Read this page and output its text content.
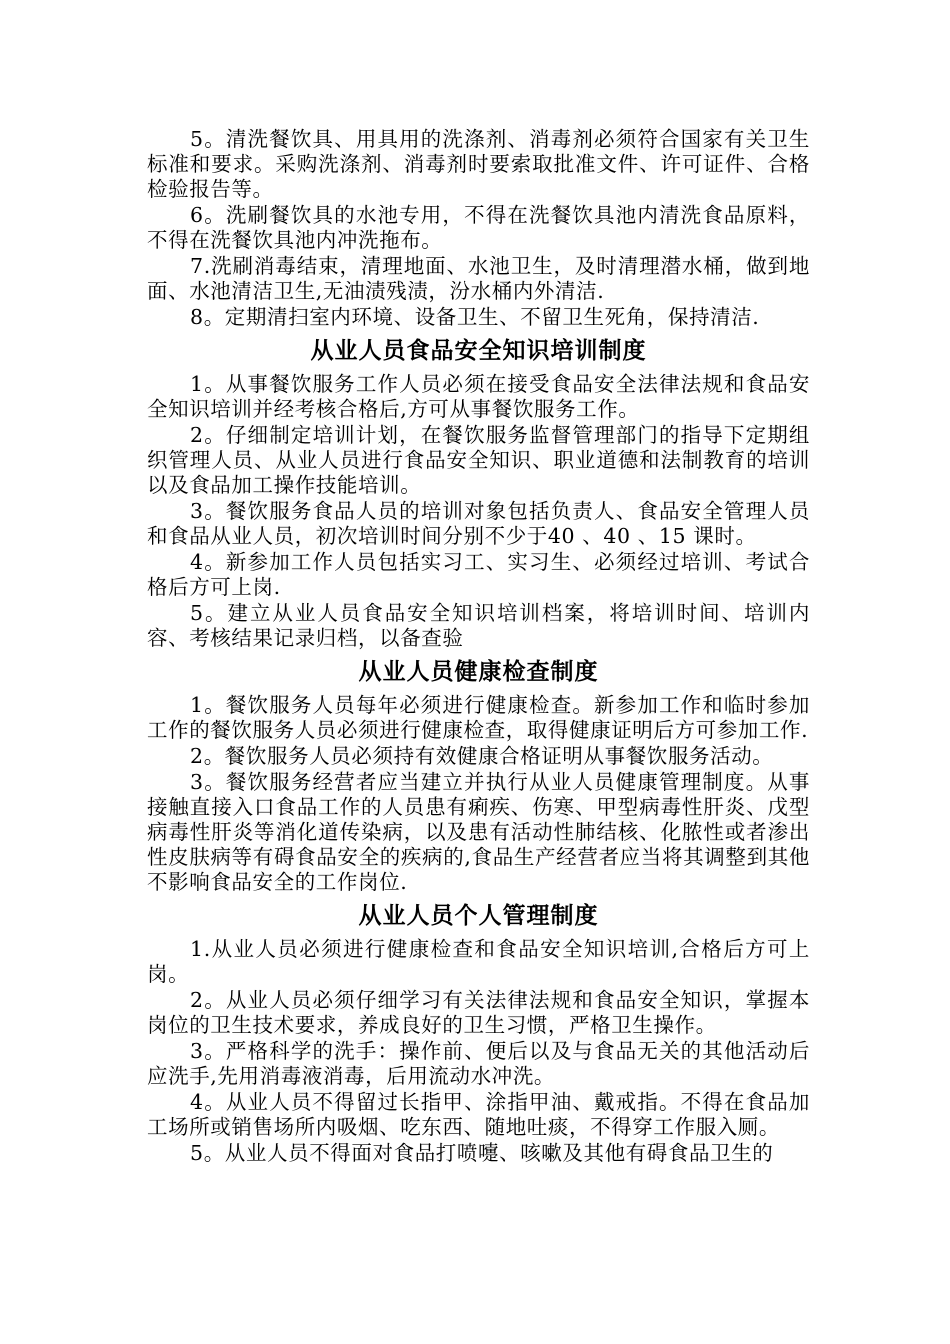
5。清洗餐饮具、用具用的洗涤剂、消毒剂必须符合国家有关卫生标准和要求。采购洗涤剂、消毒剂时要索取批准文件、许可证件、合格检验报告等。

6。洗刷餐饮具的水池专用，不得在洗餐饮具池内清洗食品原料，不得在洗餐饮具池内冲洗拖布。

7.洗刷消毒结束，清理地面、水池卫生，及时清理潜水桶，做到地面、水池清洁卫生,无油渍残渍，汾水桶内外清洁.

8。定期清扫室内环境、设备卫生、不留卫生死角，保持清洁.

从业人员食品安全知识培训制度

1。从事餐饮服务工作人员必须在接受食品安全法律法规和食品安全知识培训并经考核合格后,方可从事餐饮服务工作。

2。仔细制定培训计划，在餐饮服务监督管理部门的指导下定期组织管理人员、从业人员进行食品安全知识、职业道德和法制教育的培训以及食品加工操作技能培训。

3。餐饮服务食品人员的培训对象包括负责人、食品安全管理人员和食品从业人员，初次培训时间分别不少于40 、40 、15 课时。

4。新参加工作人员包括实习工、实习生、必须经过培训、考试合格后方可上岗.

5。建立从业人员食品安全知识培训档案，将培训时间、培训内容、考核结果记录归档，以备查验

从业人员健康检查制度

1。餐饮服务人员每年必须进行健康检查。新参加工作和临时参加工作的餐饮服务人员必须进行健康检查，取得健康证明后方可参加工作.

2。餐饮服务人员必须持有效健康合格证明从事餐饮服务活动。

3。餐饮服务经营者应当建立并执行从业人员健康管理制度。从事接触直接入口食品工作的人员患有痢疾、伤寒、甲型病毒性肝炎、戊型病毒性肝炎等消化道传染病，以及患有活动性肺结核、化脓性或者渗出性皮肤病等有碍食品安全的疾病的,食品生产经营者应当将其调整到其他不影响食品安全的工作岗位.

从业人员个人管理制度

1.从业人员必须进行健康检查和食品安全知识培训,合格后方可上岗。

2。从业人员必须仔细学习有关法律法规和食品安全知识，掌握本岗位的卫生技术要求，养成良好的卫生习惯，严格卫生操作。

3。严格科学的洗手：操作前、便后以及与食品无关的其他活动后应洗手,先用消毒液消毒，后用流动水冲洗。

4。从业人员不得留过长指甲、涂指甲油、戴戒指。不得在食品加工场所或销售场所内吸烟、吃东西、随地吐痰，不得穿工作服入厕。

5。从业人员不得面对食品打喷嚏、咳嗽及其他有碍食品卫生的
